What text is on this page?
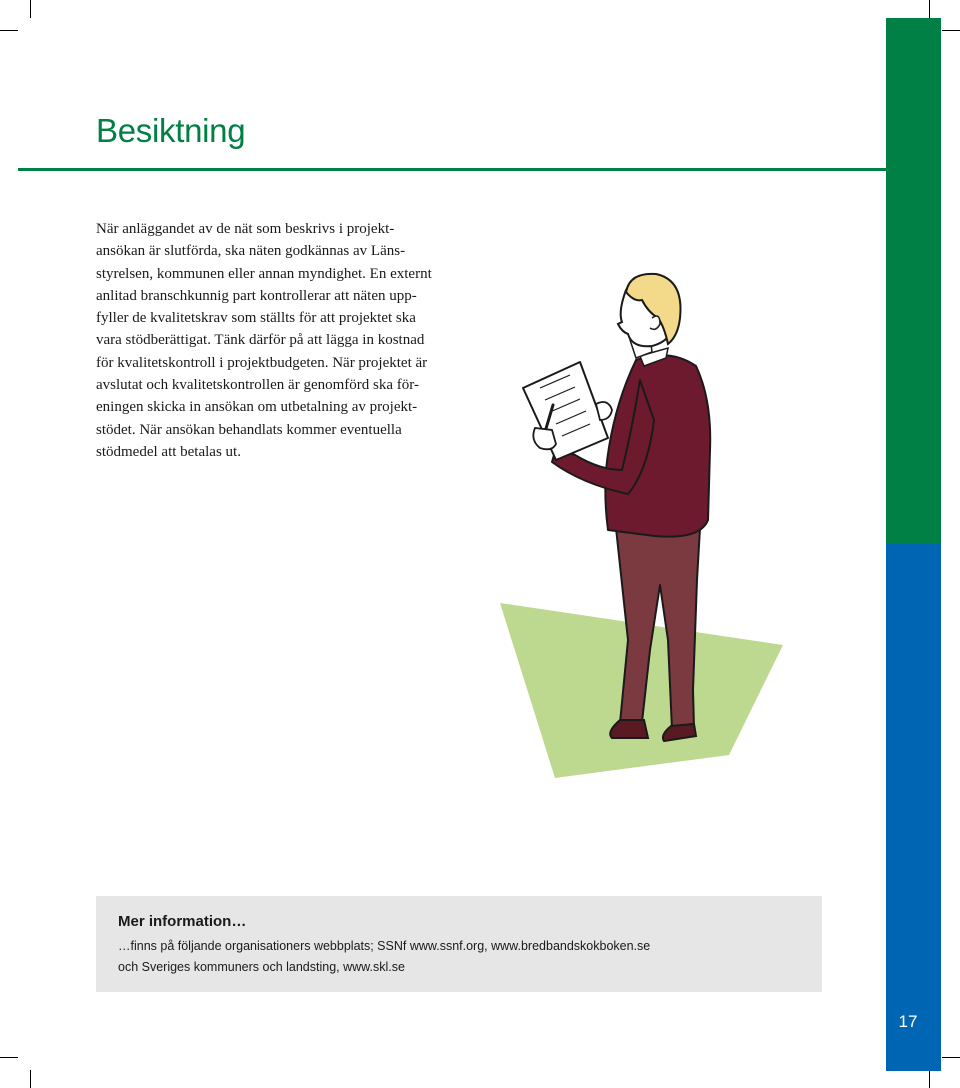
17
Besiktning
När anläggandet av de nät som beskrivs i projekt-
ansökan är slutförda, ska näten godkännas av Läns-
styrelsen, kommunen eller annan myndighet. En externt
anlitad branschkunnig part kontrollerar att näten upp-
fyller de kvalitetskrav som ställts för att projektet ska
vara stödberättigat. Tänk därför på att lägga in kostnad
för kvalitetskontroll i projektbudgeten. När projektet är
avslutat och kvalitetskontrollen är genomförd ska för-
eningen skicka in ansökan om utbetalning av projekt-
stödet. När ansökan behandlats kommer eventuella
stödmedel att betalas ut.

Mer information…

…finns på följande organisationers webbplats; SSNf www.ssnf.org, www.bredbandskokboken.se
och Sveriges kommuners och landsting, www.skl.se
